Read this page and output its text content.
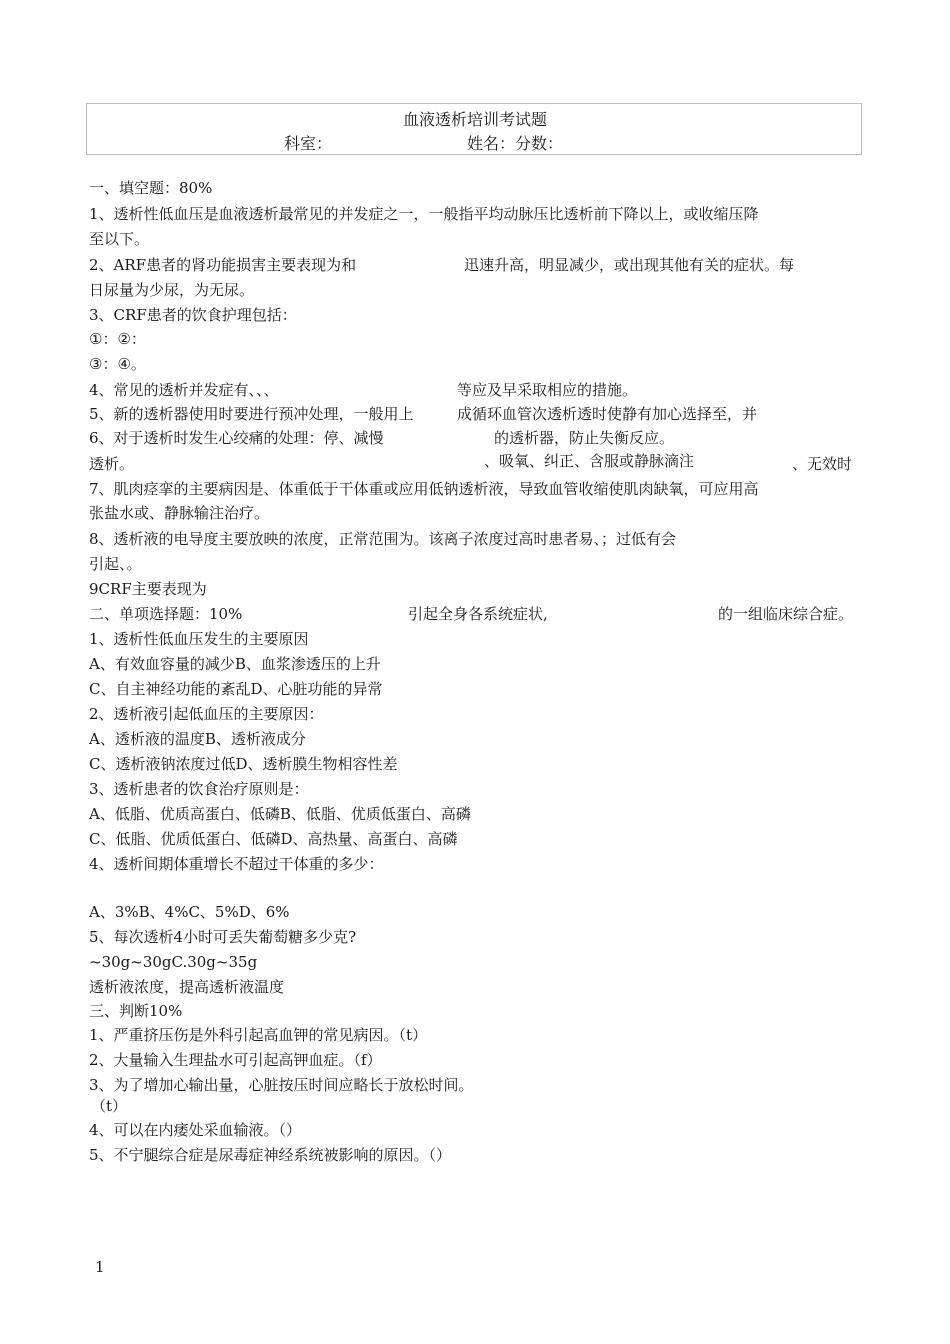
血液透析培训考试题
科室：	姓名：分数：
一、填空题：80%
1、透析性低血压是血液透析最常见的并发症之一，一般指平均动脉压比透析前下降以上，或收缩压降
至以下。
2、ARF患者的肾功能损害主要表现为和	迅速升高，明显减少，或出现其他有关的症状。每
日尿量为少尿，为无尿。
3、CRF患者的饮食护理包括：
①：②：
③：④。
4、常见的透析并发症有、、、	等应及早采取相应的措施。
5、新的透析器使用时要进行预冲处理，一般用上	成循环血管次透析透时使静有加心选择至，并
6、对于透析时发生心绞痛的处理：停、减慢	的透析器，防止失衡反应。
透析。	、吸氧、纠正、含服或静脉滴注	、无效时
7、肌肉痉挛的主要病因是、体重低于干体重或应用低钠透析液，导致血管收缩使肌肉缺氧，可应用高
张盐水或、静脉输注治疗。
8、透析液的电导度主要放映的浓度，正常范围为。该离子浓度过高时患者易、；过低有会
引起、。
9CRF主要表现为
二、单项选择题：10%	引起全身各系统症状,	的一组临床综合症。
1、透析性低血压发生的主要原因
A、有效血容量的减少B、血浆渗透压的上升
C、自主神经功能的紊乱D、心脏功能的异常
2、透析液引起低血压的主要原因：
A、透析液的温度B、透析液成分
C、透析液钠浓度过低D、透析膜生物相容性差
3、透析患者的饮食治疗原则是：
A、低脂、优质高蛋白、低磷B、低脂、优质低蛋白、高磷
C、低脂、优质低蛋白、低磷D、高热量、高蛋白、高磷
4、透析间期体重增长不超过干体重的多少：
A、3%B、4%C、5%D、6%
5、每次透析4小时可丢失葡萄糖多少克?
~30g~30gC.30g~35g
透析液浓度，提高透析液温度
三、判断10%
1、严重挤压伤是外科引起高血钾的常见病因。（t）
2、大量输入生理盐水可引起高钾血症。（f）
3、为了增加心输出量，心脏按压时间应略长于放松时间。
（t）
4、可以在内痿处采血输液。（）
5、不宁腿综合症是尿毒症神经系统被影响的原因。（）
1
